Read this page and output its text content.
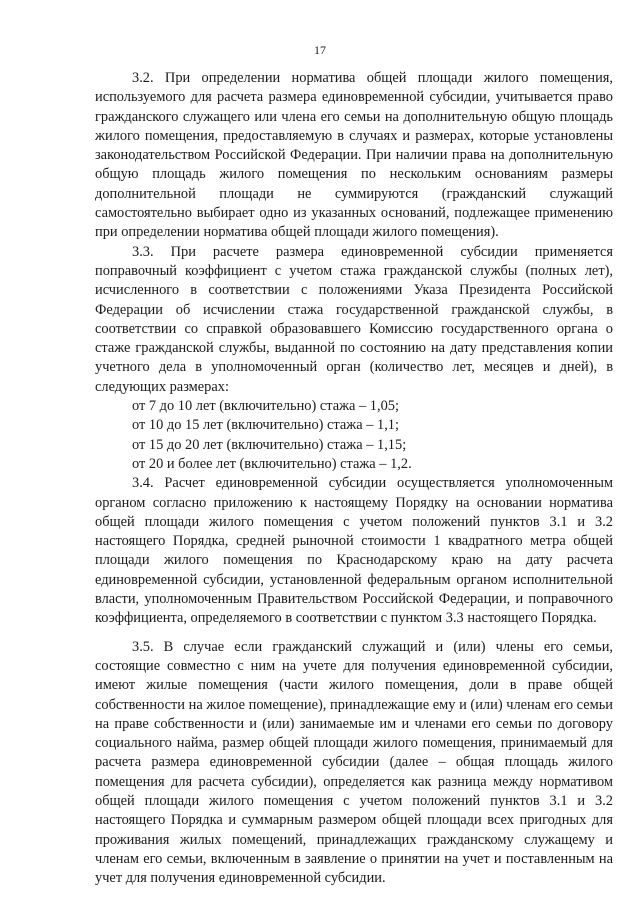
17

3.2. При определении норматива общей площади жилого помещения, используемого для расчета размера единовременной субсидии, учитывается право гражданского служащего или члена его семьи на дополнительную общую площадь жилого помещения, предоставляемую в случаях и размерах, которые установлены законодательством Российской Федерации. При наличии права на дополнительную общую площадь жилого помещения по нескольким основаниям размеры дополнительной площади не суммируются (гражданский служащий самостоятельно выбирает одно из указанных оснований, подлежащее применению при определении норматива общей площади жилого помещения).

3.3. При расчете размера единовременной субсидии применяется поправочный коэффициент с учетом стажа гражданской службы (полных лет), исчисленного в соответствии с положениями Указа Президента Российской Федерации об исчислении стажа государственной гражданской службы, в соответствии со справкой образовавшего Комиссию государственного органа о стаже гражданской службы, выданной по состоянию на дату представления копии учетного дела в уполномоченный орган (количество лет, месяцев и дней), в следующих размерах:

от 7 до 10 лет (включительно) стажа – 1,05;

от 10 до 15 лет (включительно) стажа – 1,1;

от 15 до 20 лет (включительно) стажа – 1,15;

от 20 и более лет (включительно) стажа – 1,2.

3.4. Расчет единовременной субсидии осуществляется уполномоченным органом согласно приложению к настоящему Порядку на основании норматива общей площади жилого помещения с учетом положений пунктов 3.1 и 3.2 настоящего Порядка, средней рыночной стоимости 1 квадратного метра общей площади жилого помещения по Краснодарскому краю на дату расчета единовременной субсидии, установленной федеральным органом исполнительной власти, уполномоченным Правительством Российской Федерации, и поправочного коэффициента, определяемого в соответствии с пунктом 3.3 настоящего Порядка.

3.5. В случае если гражданский служащий и (или) члены его семьи, состоящие совместно с ним на учете для получения единовременной субсидии, имеют жилые помещения (части жилого помещения, доли в праве общей собственности на жилое помещение), принадлежащие ему и (или) членам его семьи на праве собственности и (или) занимаемые им и членами его семьи по договору социального найма, размер общей площади жилого помещения, принимаемый для расчета размера единовременной субсидии (далее – общая площадь жилого помещения для расчета субсидии), определяется как разница между нормативом общей площади жилого помещения с учетом положений пунктов 3.1 и 3.2 настоящего Порядка и суммарным размером общей площади всех пригодных для проживания жилых помещений, принадлежащих гражданскому служащему и членам его семьи, включенным в заявление о принятии на учет и поставленным на учет для получения единовременной субсидии.
